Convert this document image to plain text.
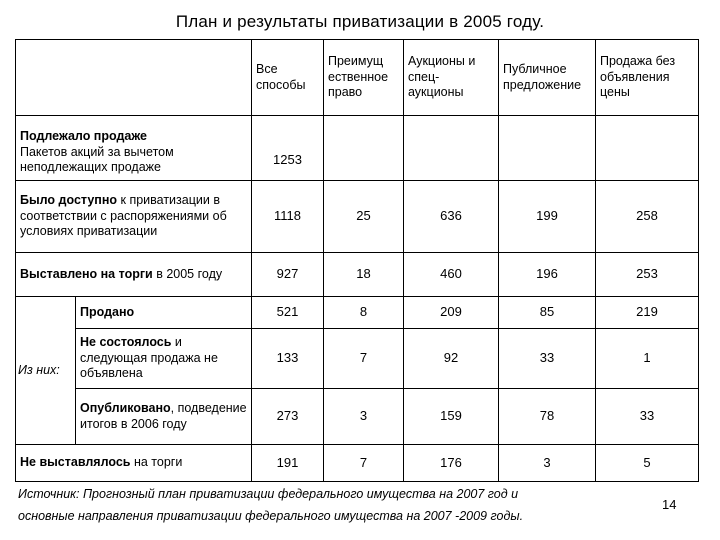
План и результаты приватизации в 2005 году.
		Все способы	Преимущ ественное право	Аукционы и спец-аукционы	Публичное предложение	Продажа без объявления цены
Подлежало продаже
Пакетов акций за вычетом неподлежащих продаже		1253				
Было доступно к приватизации в соответствии с распоряжениями об условиях приватизации		1118	25	636	199	258
Выставлено на торги в 2005 году		927	18	460	196	253
Из них:	Продано	521	8	209	85	219
	Не состоялось и следующая продажа не объявлена	133	7	92	33	1
	Опубликовано, подведение итогов в 2006 году	273	3	159	78	33
Не выставлялось на торги		191	7	176	3	5
Источник: Прогнозный план приватизации федерального имущества на 2007 год и
основные направления приватизации федерального имущества на 2007 -2009 годы.
14
